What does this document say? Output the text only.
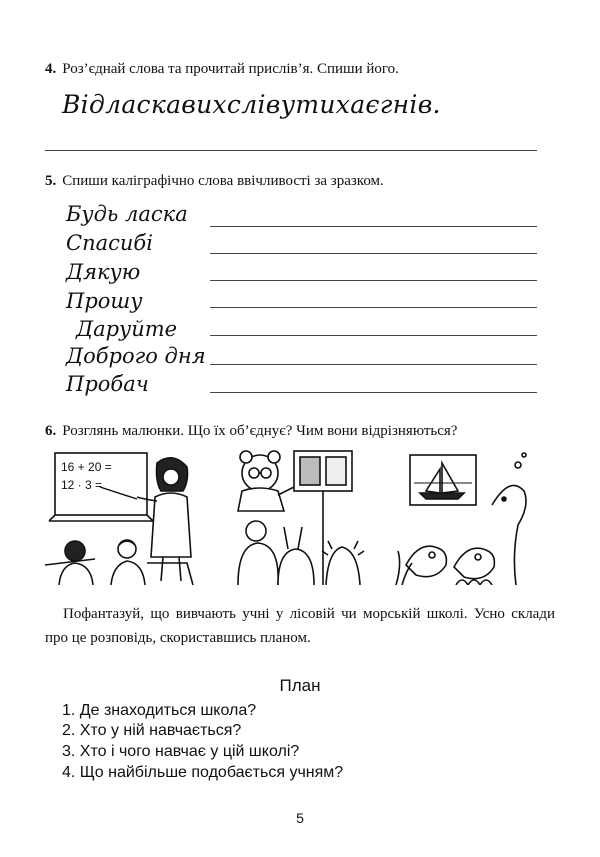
4. Роз’єднай слова та прочитай прислів’я. Спиши його.
Відласкавихслівутихаєгнів.
5. Спиши каліграфічно слова ввічливості за зразком.
Будь ласка
Спасибі
Дякую
Прошу
Даруйте
Доброго дня
Пробач
6. Розглянь малюнки. Що їх об’єднує? Чим вони відрізняються?
16 + 20 =
12 · 3 =
Пофантазуй, що вивчають учні у лісовій чи морській школі. Усно склади про це розповідь, скориставшись планом.
План
1. Де знаходиться школа?
2. Хто у ній навчається?
3. Хто і чого навчає у цій школі?
4. Що найбільше подобається учням?
5
